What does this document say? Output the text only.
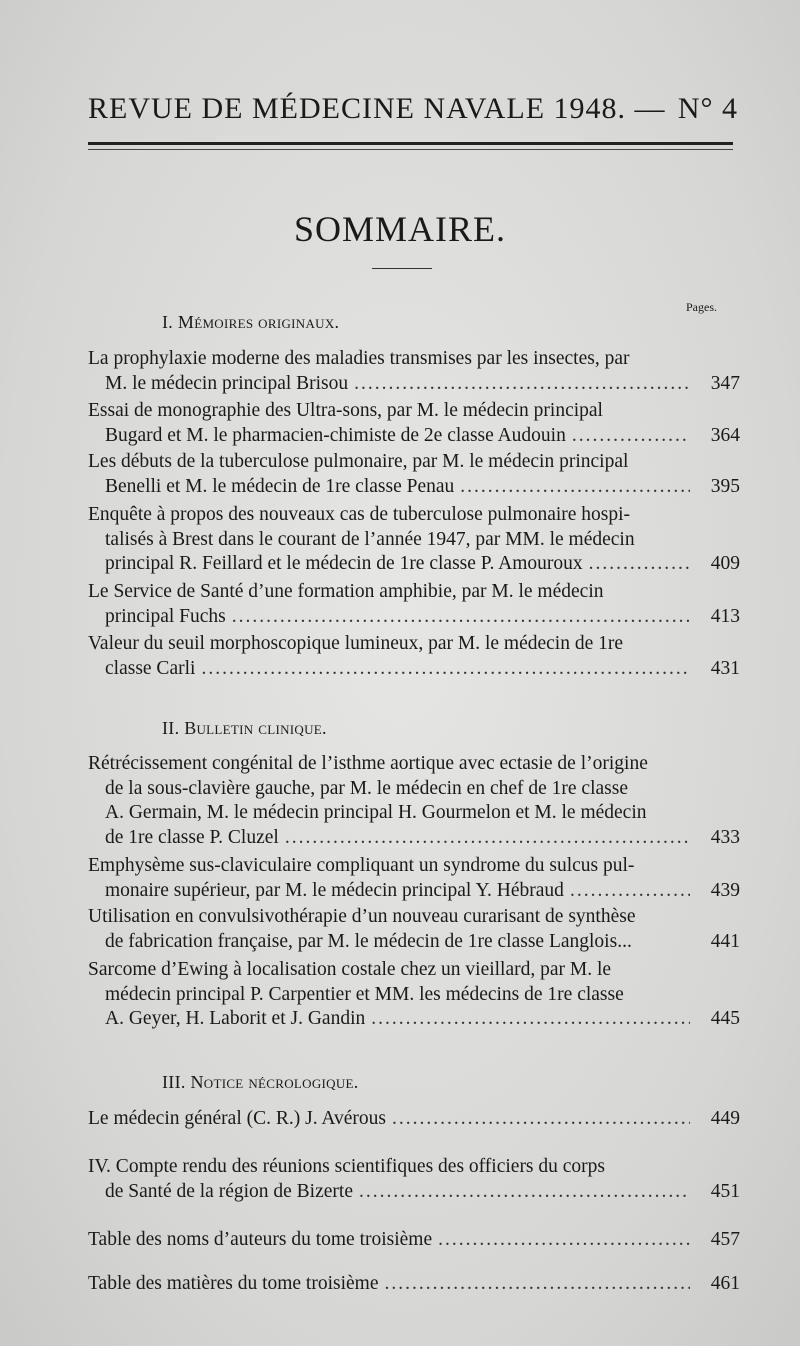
REVUE DE MÉDECINE NAVALE 1948. — N° 4
SOMMAIRE.
Pages.
I. Mémoires originaux.
La prophylaxie moderne des maladies transmises par les insectes, par
M. le médecin principal Brisou .....	347
Essai de monographie des Ultra-sons, par M. le médecin principal
Bugard et M. le pharmacien-chimiste de 2e classe Audouin .....	364
Les débuts de la tuberculose pulmonaire, par M. le médecin principal
Benelli et M. le médecin de 1re classe Penau .....	395
Enquête à propos des nouveaux cas de tuberculose pulmonaire hospi-
talisés à Brest dans le courant de l’année 1947, par MM. le médecin
principal R. Feillard et le médecin de 1re classe P. Amouroux .....	409
Le Service de Santé d’une formation amphibie, par M. le médecin
principal Fuchs .....	413
Valeur du seuil morphoscopique lumineux, par M. le médecin de 1re
classe Carli .....	431
II. Bulletin clinique.
Rétrécissement congénital de l’isthme aortique avec ectasie de l’origine
de la sous-clavière gauche, par M. le médecin en chef de 1re classe
A. Germain, M. le médecin principal H. Gourmelon et M. le médecin
de 1re classe P. Cluzel .....	433
Emphysème sus-claviculaire compliquant un syndrome du sulcus pul-
monaire supérieur, par M. le médecin principal Y. Hébraud .....	439
Utilisation en convulsivothérapie d’un nouveau curarisant de synthèse
de fabrication française, par M. le médecin de 1re classe Langlois...	441
Sarcome d’Ewing à localisation costale chez un vieillard, par M. le
médecin principal P. Carpentier et MM. les médecins de 1re classe
A. Geyer, H. Laborit et J. Gandin .....	445
III. Notice nécrologique.
Le médecin général (C. R.) J. Avérous .....	449
IV. Compte rendu des réunions scientifiques des officiers du corps
de Santé de la région de Bizerte .....	451
Table des noms d’auteurs du tome troisième .....	457
Table des matières du tome troisième .....	461
